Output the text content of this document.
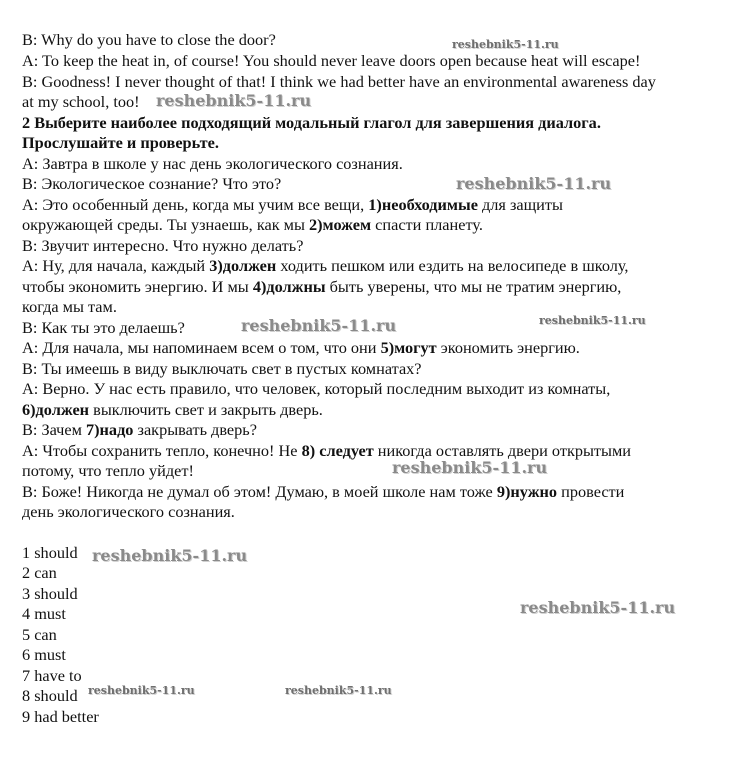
B: Why do you have to close the door?

A: To keep the heat in, of course! You should never leave doors open because heat will escape!

B: Goodness! I never thought of that! I think we had better have an environmental awareness day

at my school, too!

2 Выберите наиболее подходящий модальный глагол для завершения диалога.

Прослушайте и проверьте.

A: Завтра в школе у нас день экологического сознания.

B: Экологическое сознание? Что это?

A: Это особенный день, когда мы учим все вещи, 1)необходимые для защиты

окружающей среды. Ты узнаешь, как мы 2)можем спасти планету.

B: Звучит интересно. Что нужно делать?

A: Ну, для начала, каждый 3)должен ходить пешком или ездить на велосипеде в школу,

чтобы экономить энергию. И мы 4)должны быть уверены, что мы не тратим энергию,

когда мы там.

B: Как ты это делаешь?

A: Для начала, мы напоминаем всем о том, что они 5)могут экономить энергию.

B: Ты имеешь в виду выключать свет в пустых комнатах?

A: Верно. У нас есть правило, что человек, который последним выходит из комнаты,

6)должен выключить свет и закрыть дверь.

B: Зачем 7)надо закрывать дверь?

A: Чтобы сохранить тепло, конечно! Не 8) следует никогда оставлять двери открытыми

потому, что тепло уйдет!

B: Боже! Никогда не думал об этом! Думаю, в моей школе нам тоже 9)нужно провести

день экологического сознания.

1 should

2 can

3 should

4 must

5 can

6 must

7 have to

8 should

9 had better

reshebnik5-11.ru
reshebnik5-11.ru
reshebnik5-11.ru
reshebnik5-11.ru	reshebnik5-11.ru
reshebnik5-11.ru
reshebnik5-11.ru
reshebnik5-11.ru
reshebnik5-11.ru	reshebnik5-11.ru
